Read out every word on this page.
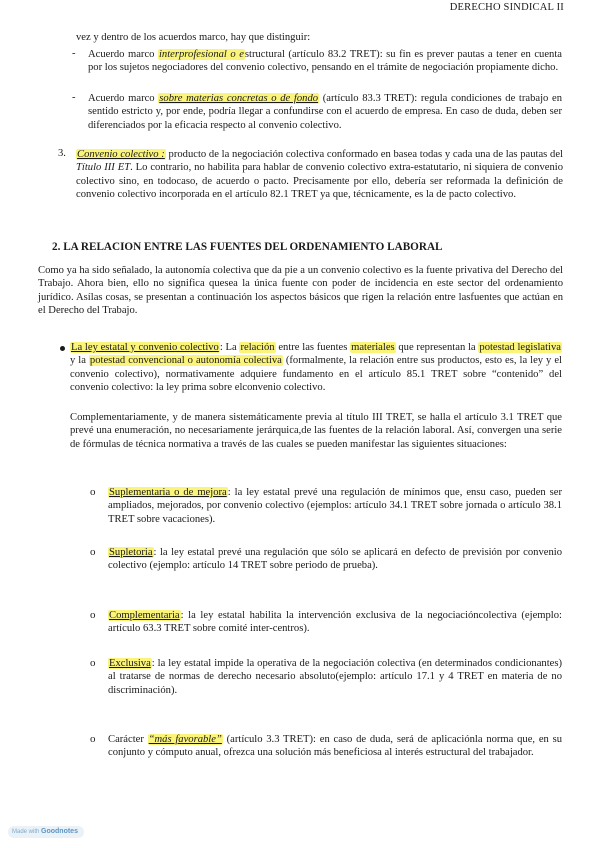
DERECHO SINDICAL II

vez y dentro de los acuerdos marco, hay que distinguir:

- Acuerdo marco interprofesional o estructural (artículo 83.2 TRET): su fin es prever pautas a tener en cuenta por los sujetos negociadores del convenio colectivo, pensando en el trámite de negociación propiamente dicho.

- Acuerdo marco sobre materias concretas o de fondo (artículo 83.3 TRET): regula condiciones de trabajo en sentido estricto y, por ende, podría llegar a confundirse con el acuerdo de empresa. En caso de duda, deben ser diferenciados por la eficacia respecto al convenio colectivo.

3. Convenio colectivo : producto de la negociación colectiva conformado en basea todas y cada una de las pautas del Título III ET. Lo contrario, no habilita para hablar de convenio colectivo extra-estatutario, ni siquiera de convenio colectivo sino, en todocaso, de acuerdo o pacto. Precisamente por ello, debería ser reformada la definición de convenio colectivo incorporada en el artículo 82.1 TRET ya que, técnicamente, es la de pacto colectivo.

2. LA RELACION ENTRE LAS FUENTES DEL ORDENAMIENTO LABORAL

Como ya ha sido señalado, la autonomía colectiva que da pie a un convenio colectivo es la fuente privativa del Derecho del Trabajo. Ahora bien, ello no significa quesea la única fuente con poder de incidencia en este sector del ordenamiento jurídico. Asílas cosas, se presentan a continuación los aspectos básicos que rigen la relación entre lasfuentes que actúan en el Derecho del Trabajo.

La ley estatal y convenio colectivo: La relación entre las fuentes materiales que representan la potestad legislativa y la potestad convencional o autonomía colectiva (formalmente, la relación entre sus productos, esto es, la ley y el convenio colectivo), normativamente adquiere fundamento en el artículo 85.1 TRET sobre “contenido” del convenio colectivo: la ley prima sobre elconvenio colectivo.

Complementariamente, y de manera sistemáticamente previa al título III TRET, se halla el artículo 3.1 TRET que prevé una enumeración, no necesariamente jerárquica,de las fuentes de la relación laboral. Así, convergen una serie de fórmulas de técnica normativa a través de las cuales se pueden manifestar las siguientes situaciones:

o Suplementaria o de mejora: la ley estatal prevé una regulación de mínimos que, ensu caso, pueden ser ampliados, mejorados, por convenio colectivo (ejemplos: artículo 34.1 TRET sobre jornada o artículo 38.1 TRET sobre vacaciones).

o Supletoria: la ley estatal prevé una regulación que sólo se aplicará en defecto de previsión por convenio colectivo (ejemplo: artículo 14 TRET sobre periodo de prueba).

o Complementaria: la ley estatal habilita la intervención exclusiva de la negociacióncolectiva (ejemplo: artículo 63.3 TRET sobre comité inter-centros).

o Exclusiva: la ley estatal impide la operativa de la negociación colectiva (en determinados condicionantes) al tratarse de normas de derecho necesario absoluto(ejemplo: artículo 17.1 y 4 TRET en materia de no discriminación).

o Carácter “más favorable” (artículo 3.3 TRET): en caso de duda, será de aplicaciónla norma que, en su conjunto y cómputo anual, ofrezca una solución más beneficiosa al interés estructural del trabajador.

Made with Goodnotes
